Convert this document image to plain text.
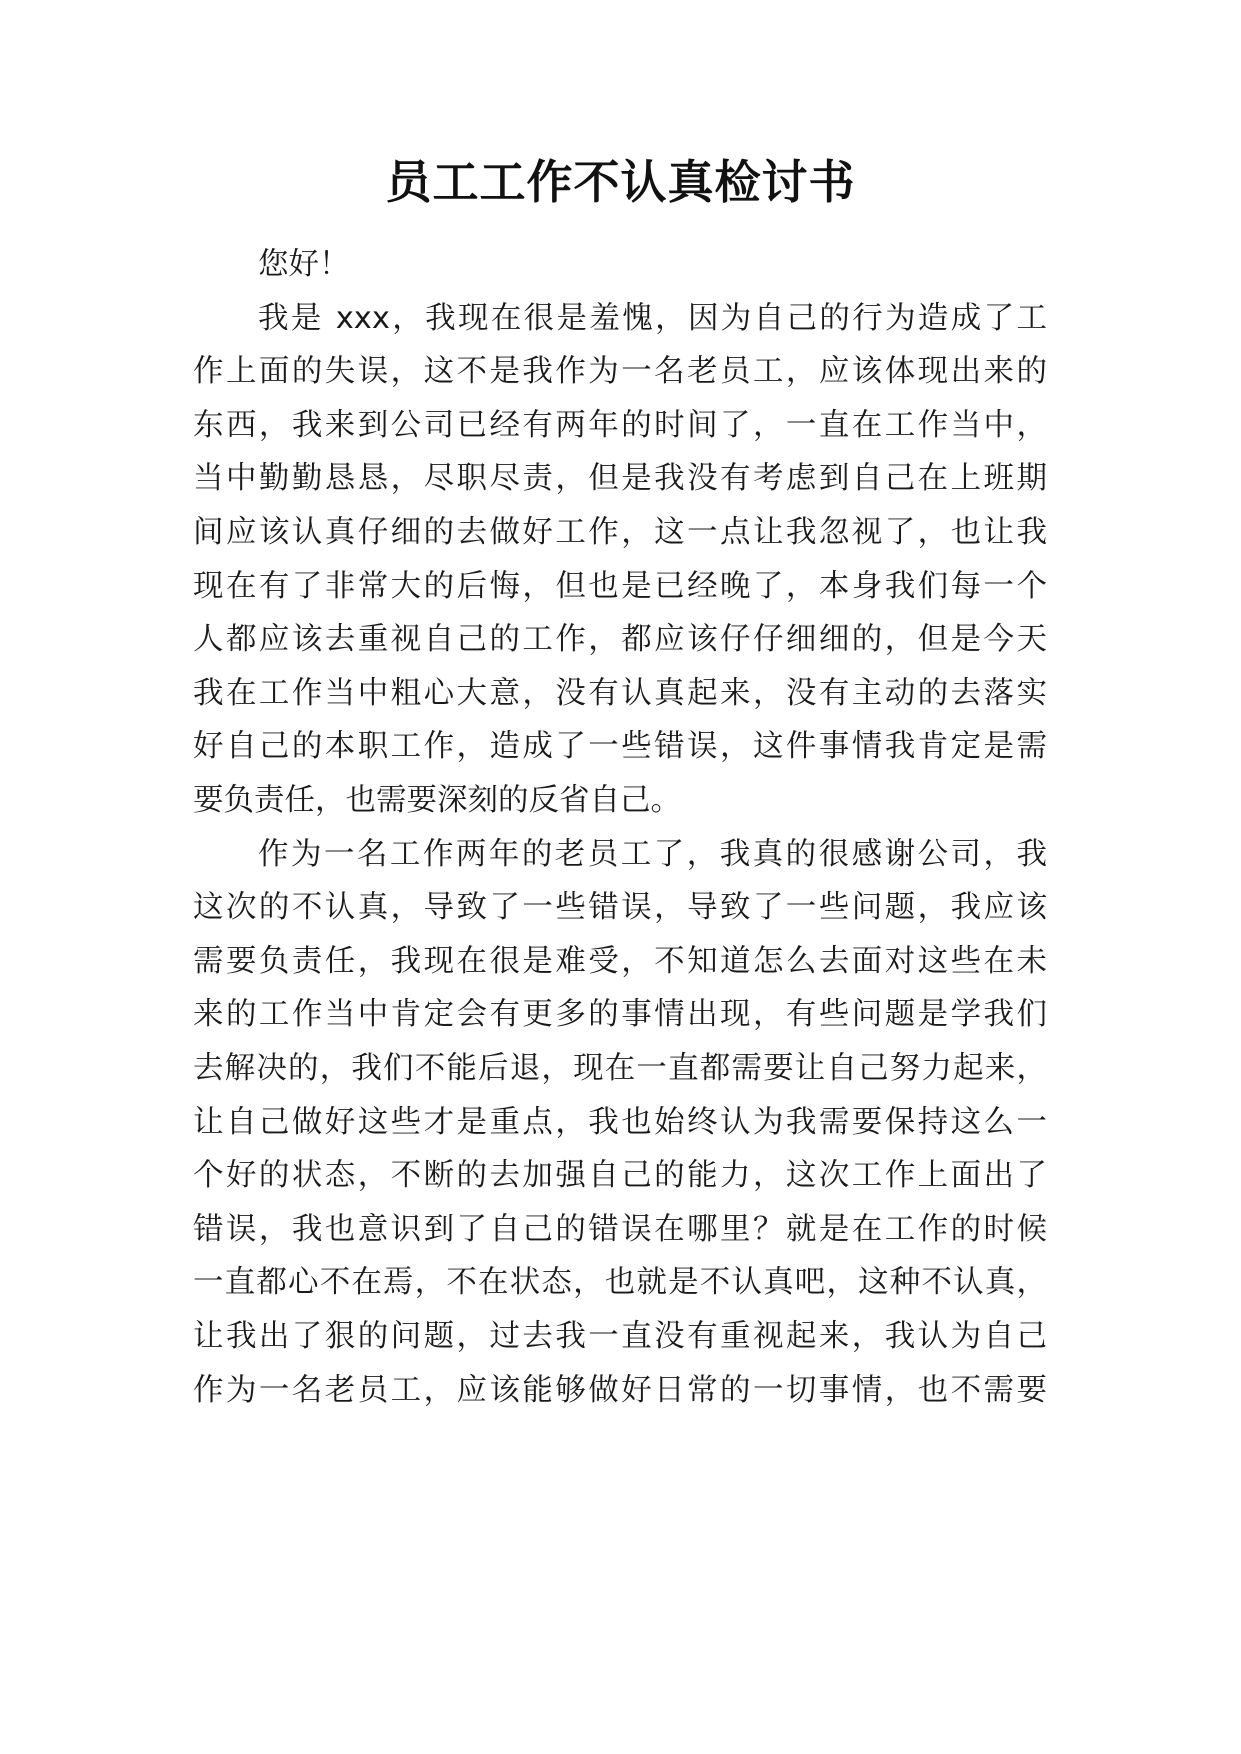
员工工作不认真检讨书
您好！
我是 xxx，我现在很是羞愧，因为自己的行为造成了工
作上面的失误，这不是我作为一名老员工，应该体现出来的
东西，我来到公司已经有两年的时间了，一直在工作当中，
当中勤勤恳恳，尽职尽责，但是我没有考虑到自己在上班期
间应该认真仔细的去做好工作，这一点让我忽视了，也让我
现在有了非常大的后悔，但也是已经晚了，本身我们每一个
人都应该去重视自己的工作，都应该仔仔细细的，但是今天
我在工作当中粗心大意，没有认真起来，没有主动的去落实
好自己的本职工作，造成了一些错误，这件事情我肯定是需
要负责任，也需要深刻的反省自己。
作为一名工作两年的老员工了，我真的很感谢公司，我
这次的不认真，导致了一些错误，导致了一些问题，我应该
需要负责任，我现在很是难受，不知道怎么去面对这些在未
来的工作当中肯定会有更多的事情出现，有些问题是学我们
去解决的，我们不能后退，现在一直都需要让自己努力起来，
让自己做好这些才是重点，我也始终认为我需要保持这么一
个好的状态，不断的去加强自己的能力，这次工作上面出了
错误，我也意识到了自己的错误在哪里？就是在工作的时候
一直都心不在焉，不在状态，也就是不认真吧，这种不认真，
让我出了狠的问题，过去我一直没有重视起来，我认为自己
作为一名老员工，应该能够做好日常的一切事情，也不需要
